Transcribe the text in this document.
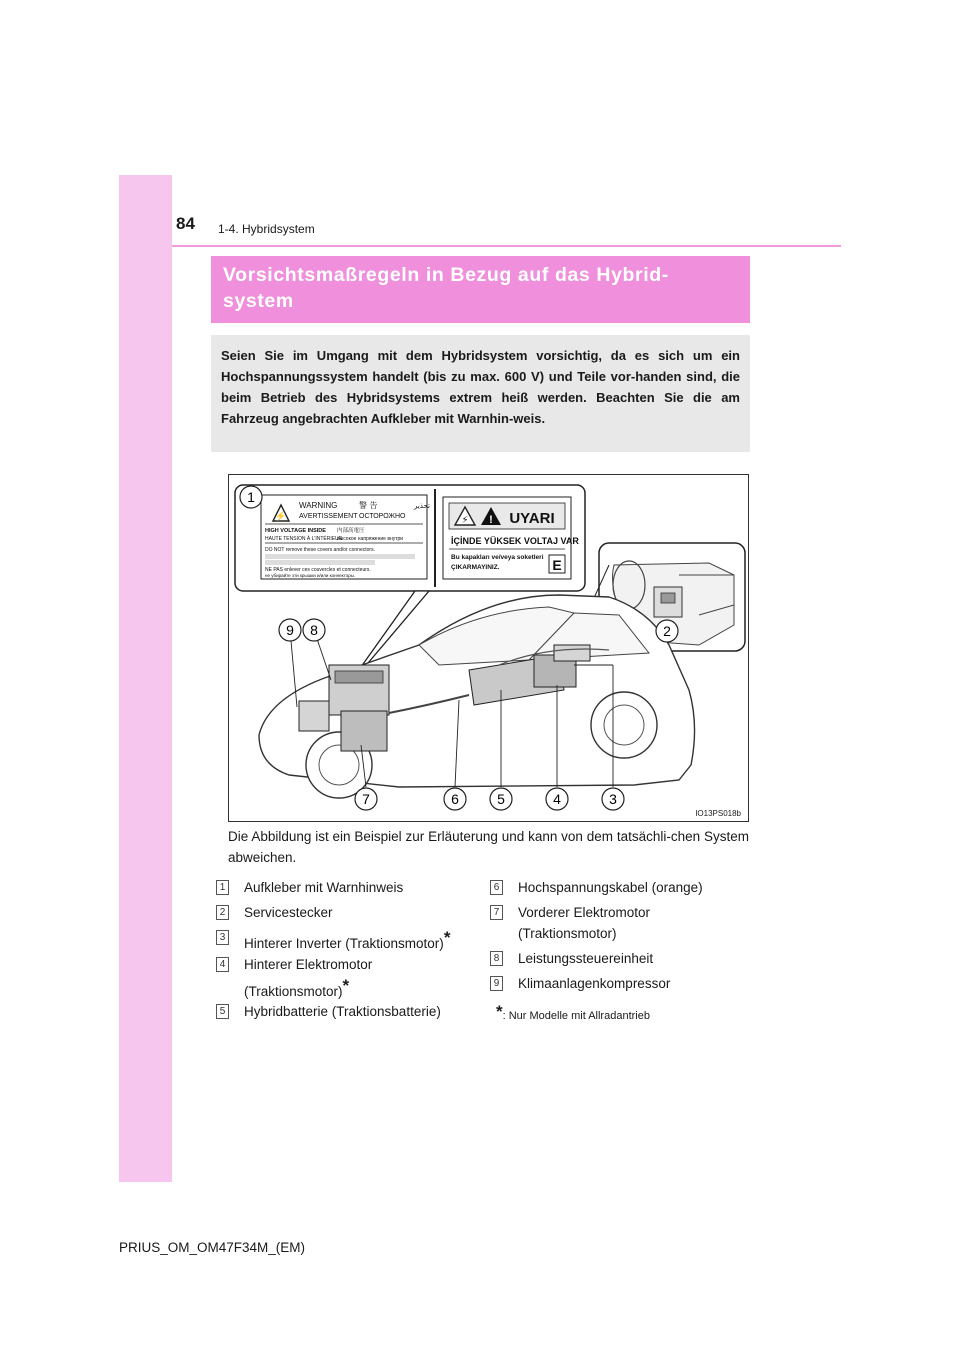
84 1-4. Hybridsystem
Vorsichtsmaßregeln in Bezug auf das Hybrid-
system

Seien Sie im Umgang mit dem Hybridsystem vorsichtig, da es sich um ein Hochspannungssystem handelt (bis zu max. 600 V) und Teile vor-handen sind, die beim Betrieb des Hybridsystems extrem heiß werden. Beachten Sie die am Fahrzeug angebrachten Aufkleber mit Warnhin-weis.

⚡
WARNING
AVERTISSEMENT
警 告
ОСТОРОЖНО
تحذير
HIGH VOLTAGE INSIDE
HAUTE TENSION À L'INTÉRIEUR
内部高電圧
высокое напряжение внутри
DO NOT remove these covers and/or connectors.
NE PAS enlever ces couvercles et connecteurs.
не убирайте эти крышки и/или коннекторы.
⚡ ! UYARI
İÇİNDE YÜKSEK VOLTAJ VAR
Bu kapakları ve/veya soketleri
ÇIKARMAYINIZ.	E
1
2
3
4
5
6
7
8
9
IO13PS018b
Die Abbildung ist ein Beispiel zur Erläuterung und kann von dem tatsächli-chen System abweichen.
1 Aufkleber mit Warnhinweis
2 Servicestecker
3 Hinterer Inverter (Traktionsmotor)*
4 Hinterer Elektromotor
(Traktionsmotor)*
5 Hybridbatterie (Traktionsbatterie)
6 Hochspannungskabel (orange)
7 Vorderer Elektromotor
(Traktionsmotor)
8 Leistungssteuereinheit
9 Klimaanlagenkompressor
*: Nur Modelle mit Allradantrieb
PRIUS_OM_OM47F34M_(EM)
